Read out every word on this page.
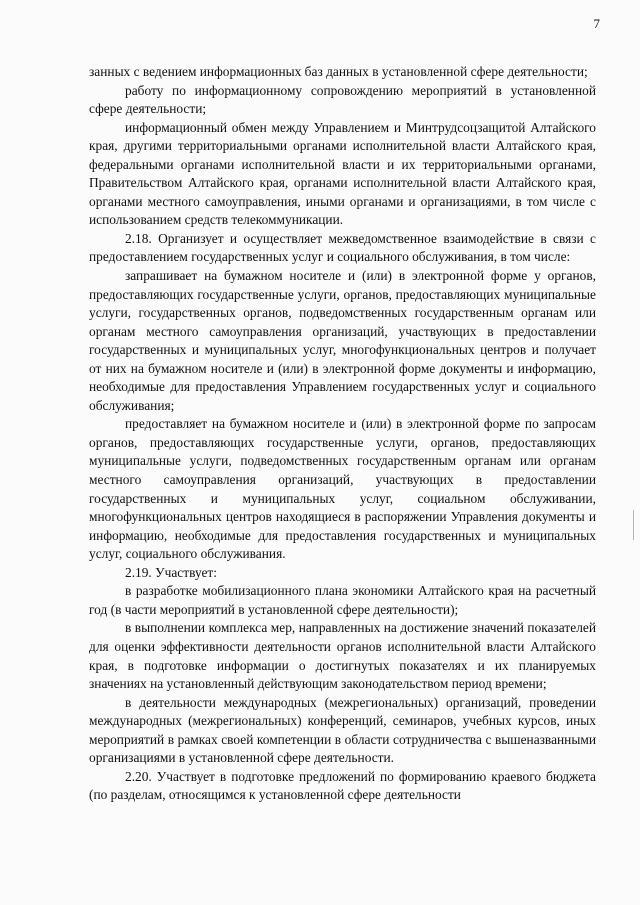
7

занных с ведением информационных баз данных в установленной сфере деятельности;

работу по информационному сопровождению мероприятий в установленной сфере деятельности;

информационный обмен между Управлением и Минтрудсоцзащитой Алтайского края, другими территориальными органами исполнительной власти Алтайского края, федеральными органами исполнительной власти и их территориальными органами, Правительством Алтайского края, органами исполнительной власти Алтайского края, органами местного самоуправления, иными органами и организациями, в том числе с использованием средств телекоммуникации.

2.18. Организует и осуществляет межведомственное взаимодействие в связи с предоставлением государственных услуг и социального обслуживания, в том числе:

запрашивает на бумажном носителе и (или) в электронной форме у органов, предоставляющих государственные услуги, органов, предоставляющих муниципальные услуги, государственных органов, подведомственных государственным органам или органам местного самоуправления организаций, участвующих в предоставлении государственных и муниципальных услуг, многофункциональных центров и получает от них на бумажном носителе и (или) в электронной форме документы и информацию, необходимые для предоставления Управлением государственных услуг и социального обслуживания;

предоставляет на бумажном носителе и (или) в электронной форме по запросам органов, предоставляющих государственные услуги, органов, предоставляющих муниципальные услуги, подведомственных государственным органам или органам местного самоуправления организаций, участвующих в предоставлении государственных и муниципальных услуг, социальном обслуживании, многофункциональных центров находящиеся в распоряжении Управления документы и информацию, необходимые для предоставления государственных и муниципальных услуг, социального обслуживания.

2.19. Участвует:

в разработке мобилизационного плана экономики Алтайского края на расчетный год (в части мероприятий в установленной сфере деятельности);

в выполнении комплекса мер, направленных на достижение значений показателей для оценки эффективности деятельности органов исполнительной власти Алтайского края, в подготовке информации о достигнутых показателях и их планируемых значениях на установленный действующим законодательством период времени;

в деятельности международных (межрегиональных) организаций, проведении международных (межрегиональных) конференций, семинаров, учебных курсов, иных мероприятий в рамках своей компетенции в области сотрудничества с вышеназванными организациями в установленной сфере деятельности.

2.20. Участвует в подготовке предложений по формированию краевого бюджета (по разделам, относящимся к установленной сфере деятельности
